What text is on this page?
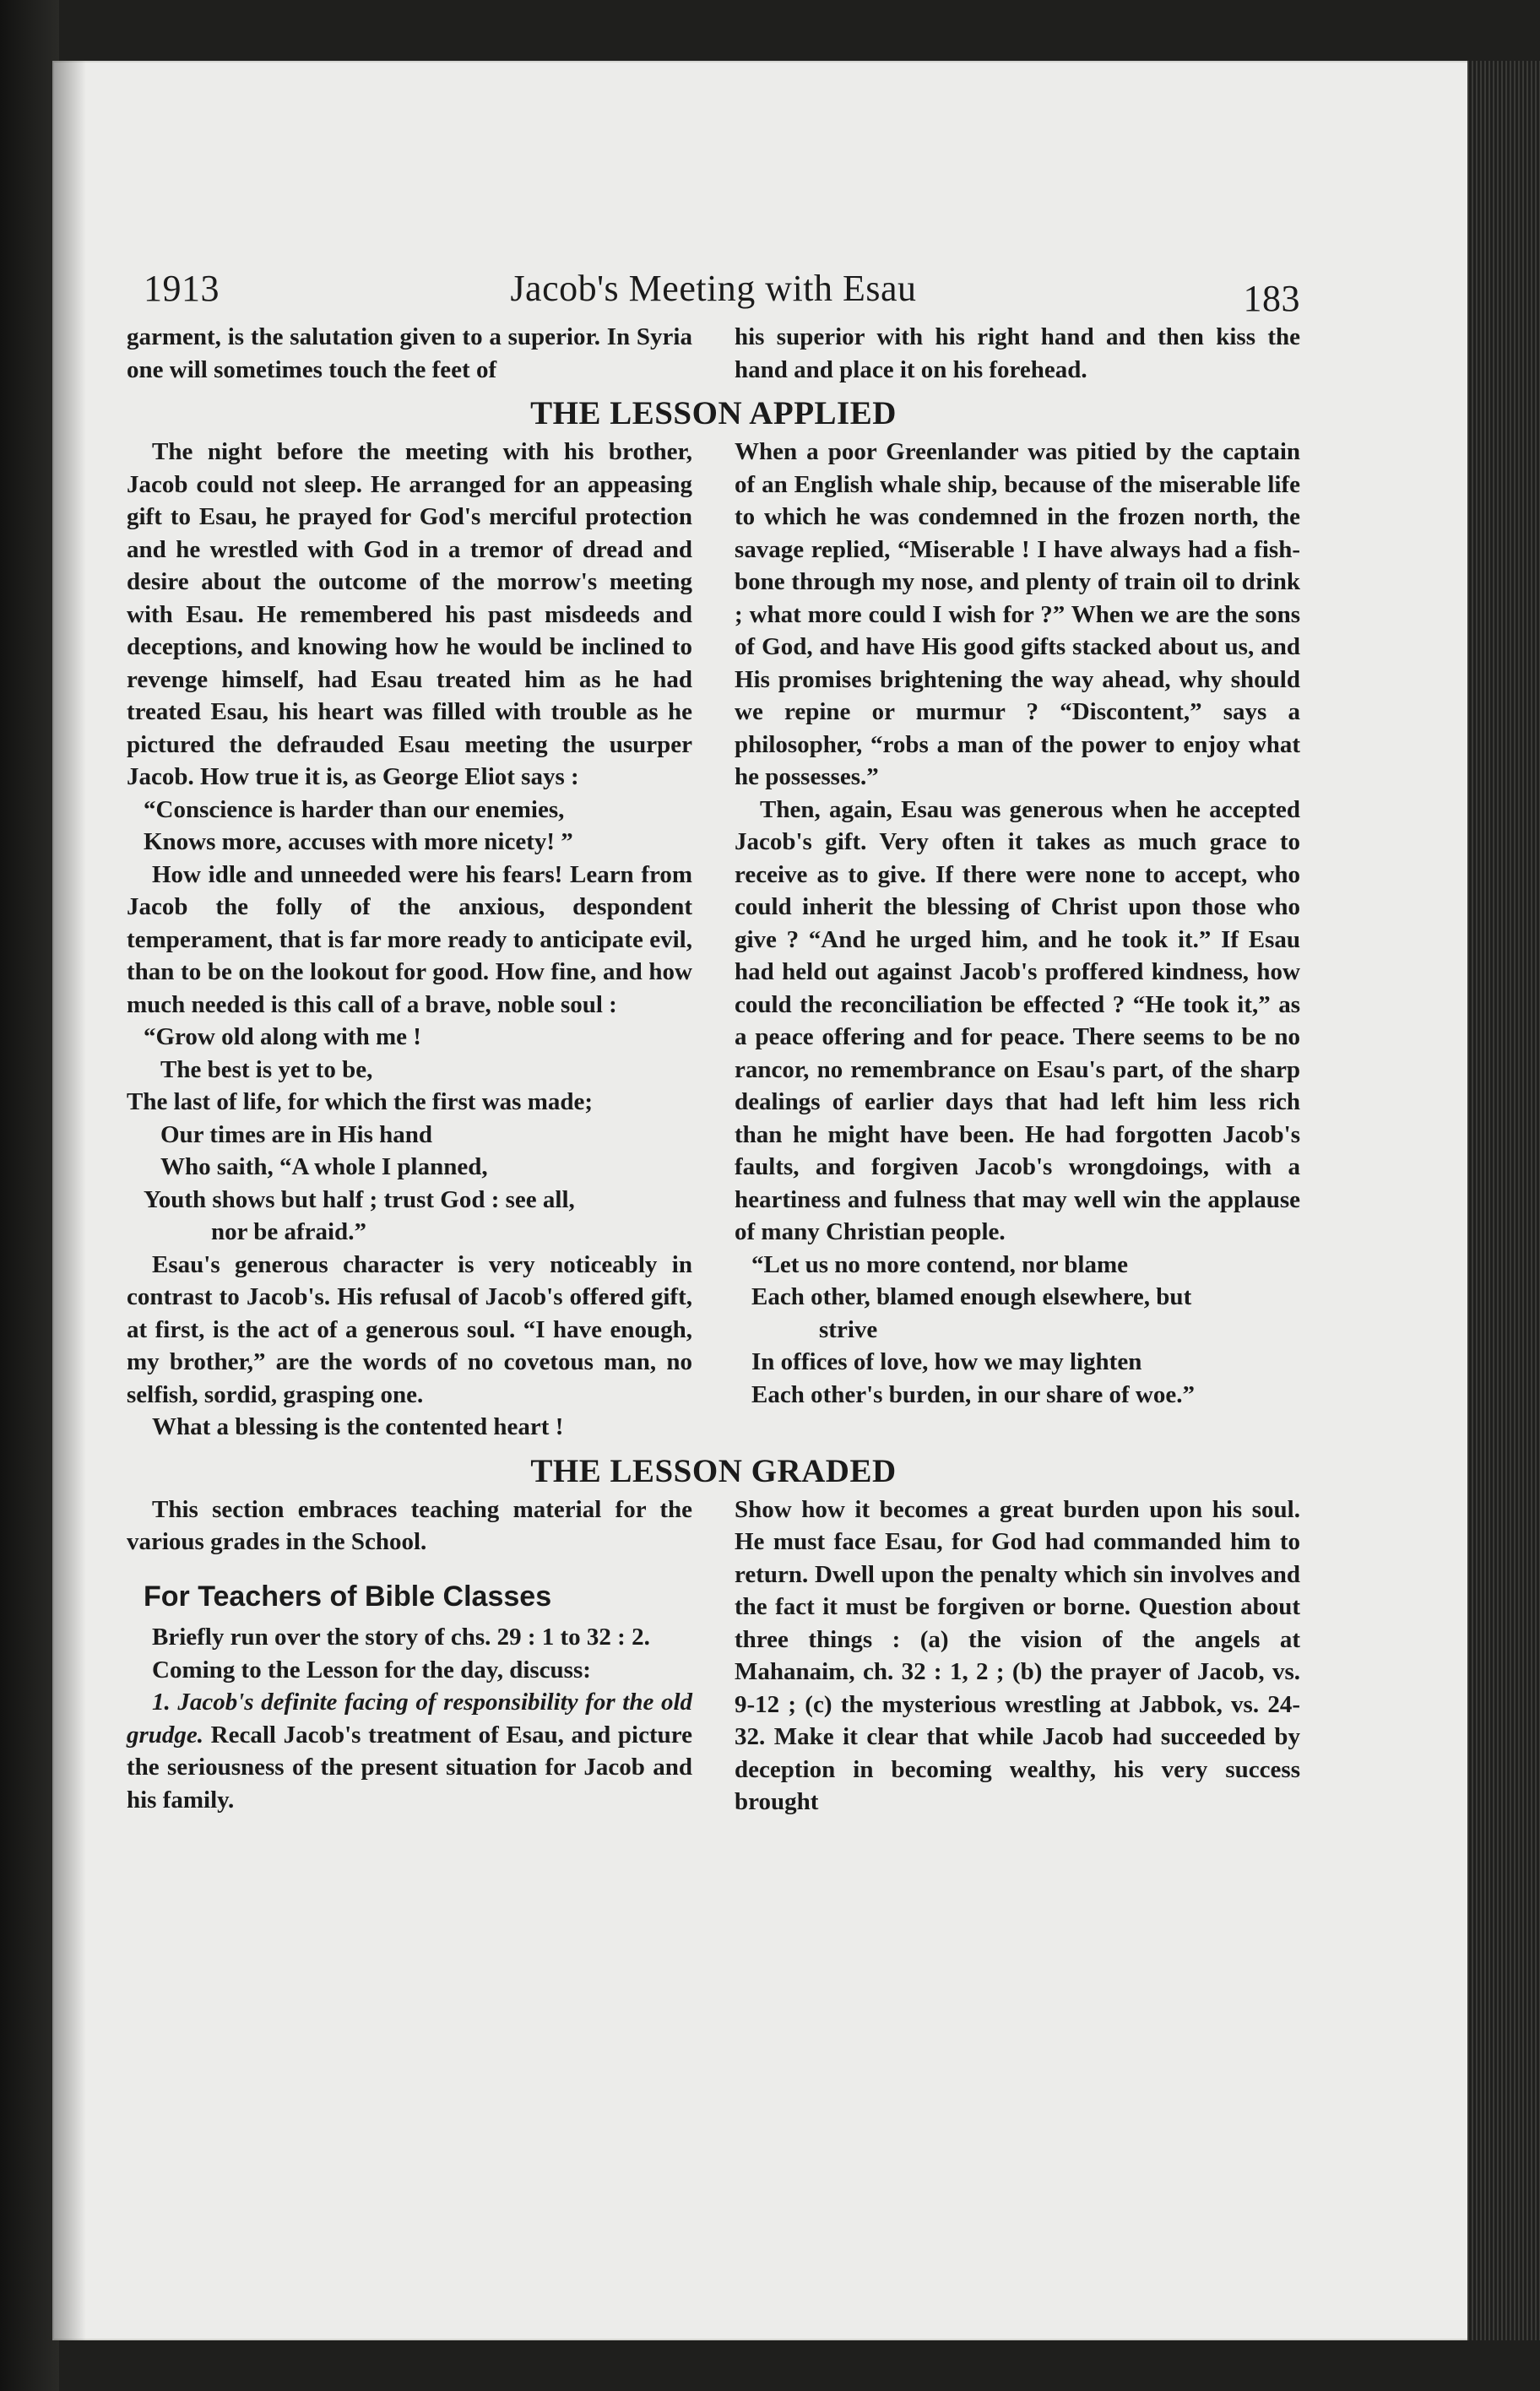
1913	Jacob's Meeting with Esau	183

garment, is the salutation given to a superior. In Syria one will sometimes touch the feet of

his superior with his right hand and then kiss the hand and place it on his forehead.

THE LESSON APPLIED

The night before the meeting with his brother, Jacob could not sleep. He arranged for an appeasing gift to Esau, he prayed for God's merciful protection and he wrestled with God in a tremor of dread and desire about the outcome of the morrow's meeting with Esau. He remembered his past misdeeds and deceptions, and knowing how he would be inclined to revenge himself, had Esau treated him as he had treated Esau, his heart was filled with trouble as he pictured the defrauded Esau meeting the usurper Jacob. How true it is, as George Eliot says :

“Conscience is harder than our enemies,
Knows more, accuses with more nicety! ”

How idle and unneeded were his fears! Learn from Jacob the folly of the anxious, despondent temperament, that is far more ready to anticipate evil, than to be on the lookout for good. How fine, and how much needed is this call of a brave, noble soul :

“Grow old along with me !
The best is yet to be,
The last of life, for which the first was made;
Our times are in His hand
Who saith, “A whole I planned,
Youth shows but half ; trust God : see all,
nor be afraid.”

Esau's generous character is very noticeably in contrast to Jacob's. His refusal of Jacob's offered gift, at first, is the act of a generous soul. “I have enough, my brother,” are the words of no covetous man, no selfish, sordid, grasping one.

What a blessing is the contented heart !

When a poor Greenlander was pitied by the captain of an English whale ship, because of the miserable life to which he was condemned in the frozen north, the savage replied, “Miserable ! I have always had a fish-bone through my nose, and plenty of train oil to drink ; what more could I wish for ?” When we are the sons of God, and have His good gifts stacked about us, and His promises brightening the way ahead, why should we repine or murmur ? “Discontent,” says a philosopher, “robs a man of the power to enjoy what he possesses.”

Then, again, Esau was generous when he accepted Jacob's gift. Very often it takes as much grace to receive as to give. If there were none to accept, who could inherit the blessing of Christ upon those who give ? “And he urged him, and he took it.” If Esau had held out against Jacob's proffered kindness, how could the reconciliation be effected ? “He took it,” as a peace offering and for peace. There seems to be no rancor, no remembrance on Esau's part, of the sharp dealings of earlier days that had left him less rich than he might have been. He had forgotten Jacob's faults, and forgiven Jacob's wrongdoings, with a heartiness and fulness that may well win the applause of many Christian people.

“Let us no more contend, nor blame
Each other, blamed enough elsewhere, but
strive
In offices of love, how we may lighten
Each other's burden, in our share of woe.”
THE LESSON GRADED

This section embraces teaching material for the various grades in the School.

For Teachers of Bible Classes

Briefly run over the story of chs. 29 : 1 to 32 : 2.

Coming to the Lesson for the day, discuss:

1. Jacob's definite facing of responsibility for the old grudge. Recall Jacob's treatment of Esau, and picture the seriousness of the present situation for Jacob and his family.

Show how it becomes a great burden upon his soul. He must face Esau, for God had commanded him to return. Dwell upon the penalty which sin involves and the fact it must be forgiven or borne. Question about three things : (a) the vision of the angels at Mahanaim, ch. 32 : 1, 2 ; (b) the prayer of Jacob, vs. 9-12 ; (c) the mysterious wrestling at Jabbok, vs. 24-32. Make it clear that while Jacob had succeeded by deception in becoming wealthy, his very success brought
